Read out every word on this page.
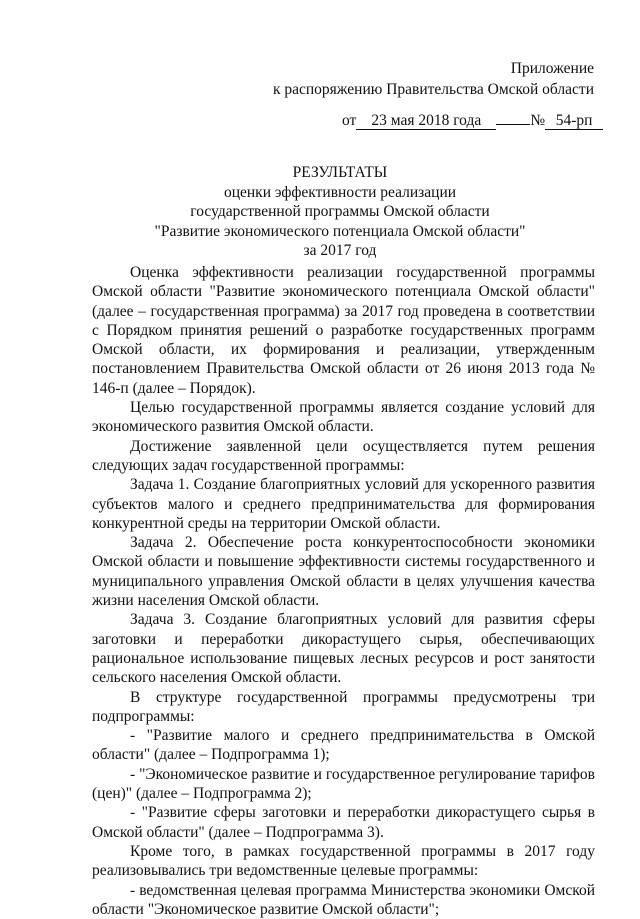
Приложение
к распоряжению Правительства Омской области
от 23 мая 2018 года	№ 54-рп
РЕЗУЛЬТАТЫ
оценки эффективности реализации
государственной программы Омской области
"Развитие экономического потенциала Омской области"
за 2017 год

Оценка эффективности реализации государственной программы Омской области "Развитие экономического потенциала Омской области" (далее – государственная программа) за 2017 год проведена в соответствии с Порядком принятия решений о разработке государственных программ Омской области, их формирования и реализации, утвержденным постановлением Правительства Омской области от 26 июня 2013 года № 146-п (далее – Порядок).

Целью государственной программы является создание условий для экономического развития Омской области.

Достижение заявленной цели осуществляется путем решения следующих задач государственной программы:

Задача 1. Создание благоприятных условий для ускоренного развития субъектов малого и среднего предпринимательства для формирования конкурентной среды на территории Омской области.

Задача 2. Обеспечение роста конкурентоспособности экономики Омской области и повышение эффективности системы государственного и муниципального управления Омской области в целях улучшения качества жизни населения Омской области.

Задача 3. Создание благоприятных условий для развития сферы заготовки и переработки дикорастущего сырья, обеспечивающих рациональное использование пищевых лесных ресурсов и рост занятости сельского населения Омской области.

В структуре государственной программы предусмотрены три подпрограммы:

- "Развитие малого и среднего предпринимательства в Омской области" (далее – Подпрограмма 1);

- "Экономическое развитие и государственное регулирование тарифов (цен)" (далее – Подпрограмма 2);

- "Развитие сферы заготовки и переработки дикорастущего сырья в Омской области" (далее – Подпрограмма 3).

Кроме того, в рамках государственной программы в 2017 году реализовывались три ведомственные целевые программы:

- ведомственная целевая программа Министерства экономики Омской области "Экономическое развитие Омской области";
